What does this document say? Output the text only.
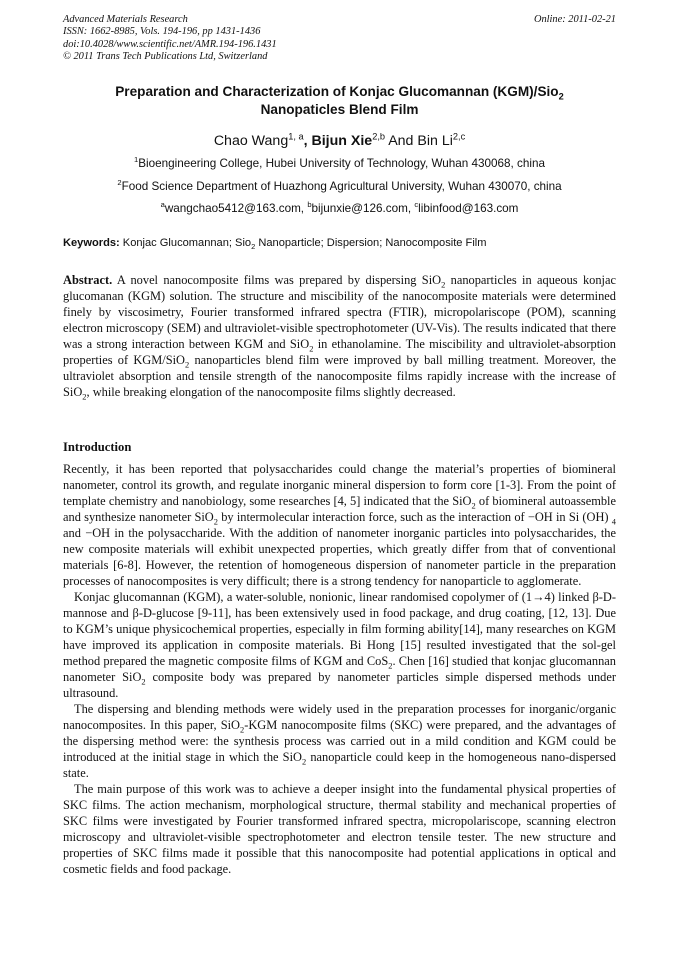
Advanced Materials Research
ISSN: 1662-8985, Vols. 194-196, pp 1431-1436
doi:10.4028/www.scientific.net/AMR.194-196.1431
© 2011 Trans Tech Publications Ltd, Switzerland
Online: 2011-02-21
Preparation and Characterization of Konjac Glucomannan (KGM)/Sio$_2$
Nanopaticles Blend Film
Chao Wang$^{1, a}$, Bijun Xie$^{2,b}$ And Bin Li$^{2,c}$
$^1$Bioengineering College, Hubei University of Technology, Wuhan 430068, china
$^2$Food Science Department of Huazhong Agricultural University, Wuhan 430070, china
$^a$wangchao5412@163.com, $^b$bijunxie@126.com, $^c$libinfood@163.com
Keywords: Konjac Glucomannan; Sio$_2$ Nanoparticle; Dispersion; Nanocomposite Film

Abstract. A novel nanocomposite films was prepared by dispersing SiO$_2$ nanoparticles in aqueous konjac glucomanan (KGM) solution. The structure and miscibility of the nanocomposite materials were determined finely by viscosimetry, Fourier transformed infrared spectra (FTIR), micropolariscope (POM), scanning electron microscopy (SEM) and ultraviolet-visible spectrophotometer (UV-Vis). The results indicated that there was a strong interaction between KGM and SiO$_2$ in ethanolamine. The miscibility and ultraviolet-absorption properties of KGM/SiO$_2$ nanoparticles blend film were improved by ball milling treatment. Moreover, the ultraviolet absorption and tensile strength of the nanocomposite films rapidly increase with the increase of SiO$_2$, while breaking elongation of the nanocomposite films slightly decreased.

Introduction

Recently, it has been reported that polysaccharides could change the material’s properties of biomineral nanometer, control its growth, and regulate inorganic mineral dispersion to form core [1-3]. From the point of template chemistry and nanobiology, some researches [4, 5] indicated that the SiO$_2$ of biomineral autoassemble and synthesize nanometer SiO$_2$ by intermolecular interaction force, such as the interaction of −OH in Si (OH) $_4$ and −OH in the polysaccharide. With the addition of nanometer inorganic particles into polysaccharides, the new composite materials will exhibit unexpected properties, which greatly differ from that of conventional materials [6-8]. However, the retention of homogeneous dispersion of nanometer particle in the preparation processes of nanocomposites is very difficult; there is a strong tendency for nanoparticle to agglomerate.

Konjac glucomannan (KGM), a water-soluble, nonionic, linear randomised copolymer of (1→4) linked β-D-mannose and β-D-glucose [9-11], has been extensively used in food package, and drug coating, [12, 13]. Due to KGM’s unique physicochemical properties, especially in film forming ability[14], many researches on KGM have improved its application in composite materials. Bi Hong [15] resulted investigated that the sol-gel method prepared the magnetic composite films of KGM and CoS$_2$. Chen [16] studied that konjac glucomannan nanometer SiO$_2$ composite body was prepared by nanometer particles simple dispersed methods under ultrasound.

The dispersing and blending methods were widely used in the preparation processes for inorganic/organic nanocomposites. In this paper, SiO$_2$-KGM nanocomposite films (SKC) were prepared, and the advantages of the dispersing method were: the synthesis process was carried out in a mild condition and KGM could be introduced at the initial stage in which the SiO$_2$ nanoparticle could keep in the homogeneous nano-dispersed state.

The main purpose of this work was to achieve a deeper insight into the fundamental physical properties of SKC films. The action mechanism, morphological structure, thermal stability and mechanical properties of SKC films were investigated by Fourier transformed infrared spectra, micropolariscope, scanning electron microscopy and ultraviolet-visible spectrophotometer and electron tensile tester. The new structure and properties of SKC films made it possible that this nanocomposite had potential applications in optical and cosmetic fields and food package.
